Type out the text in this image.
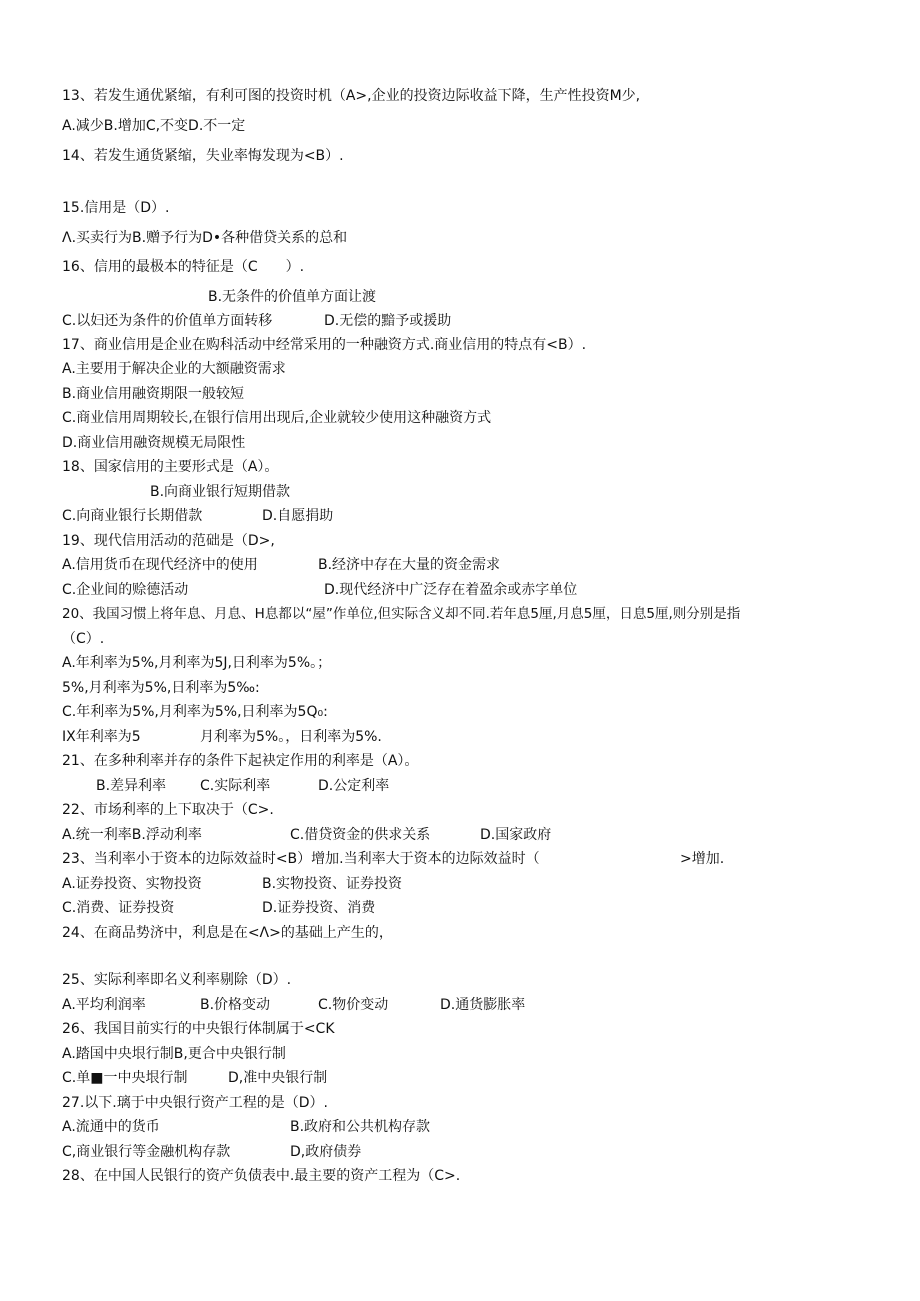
13、若发生通优紧缩，有利可图的投资时机（A>,企业的投资边际收益下降，生产性投资M少,
A.减少B.增加C,不变D.不一定
14、若发生通货紧缩，失业率悔发现为<B）.
15.信用是（D）.
Λ.买卖行为B.赠予行为D•各种借贷关系的总和
16、信用的最极本的特征是（C　　）.
B.无条件的价值单方面让渡
C.以妇还为条件的价值单方面转移	D.无偿的黯予或援助
17、商业信用是企业在购科活动中经常采用的一种融资方式.商业信用的特点有<B）.
A.主要用于解决企业的大额融资需求
B.商业信用融资期限一般较短
C.商业信用周期较长,在银行信用出现后,企业就较少使用这种融资方式
D.商业信用融资规模无局限性
18、国家信用的主要形式是（A）。
B.向商业银行短期借款
C.向商业银行长期借款	D.自愿捐助
19、现代信用活动的范础是（D>,
A.信用货币在现代经济中的使用	B.经济中存在大量的资金需求
C.企业间的赊德活动	D.现代经济中广泛存在着盈余或赤字单位
20、我国习惯上将年息、月息、H息都以“屋”作单位,但实际含义却不同.若年息5厘,月息5厘，日息5厘,则分别是指
（C）.
A.年利率为5%,月利率为5J,日利率为5%。；
5%,月利率为5%,日利率为5‰:
C.年利率为5%,月利率为5%,日利率为5Q₀:
IX年利率为5	月利率为5%。，日利率为5%.
21、在多种利率并存的条件下起袂定作用的利率是（A）。
B.差异利率 C.实际利率	D.公定利率
22、市场利率的上下取决于（C>.
A.统一利率B.浮动利率	C.借贷资金的供求关系	D.国家政府
23、当利率小于资本的边际效益时<B）增加.当利率大于资本的边际效益时（	>增加.
A.证券投资、实物投资	B.实物投资、证券投资
C.消费、证券投资	D.证券投资、消费
24、在商品势济中，利息是在<Λ>的基础上产生的，
25、实际利率即名义利率剔除（D）.
A.平均利润率	B.价格变动	C.物价变动	D.通货膨胀率
26、我国目前实行的中央银行体制属于<CK
A.踏国中央垠行制B,更合中央银行制
C.单■一中央垠行制	D,准中央银行制
27.以下.璃于中央银行资产工程的是（D）.
A.流通中的货币	B.政府和公共机构存款
C,商业银行等金融机构存款	D,政府债券
28、在中国人民银行的资产负债表中.最主要的资产工程为（C>.
